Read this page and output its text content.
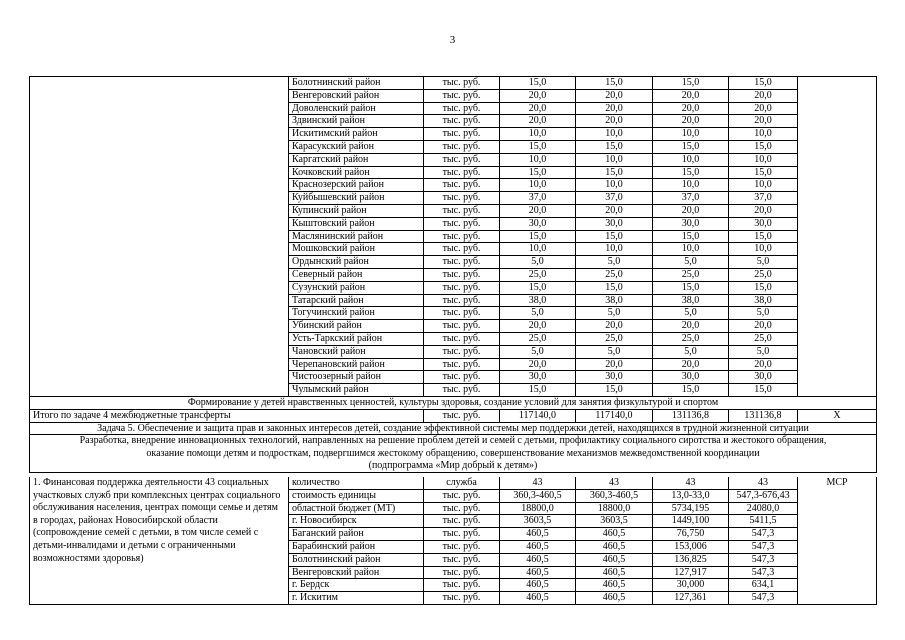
3
	Болотнинский район	тыс. руб.	15,0	15,0	15,0	15,0	
	Венгеровский район	тыс. руб.	20,0	20,0	20,0	20,0	
	Доволенский район	тыс. руб.	20,0	20,0	20,0	20,0	
	Здвинский район	тыс. руб.	20,0	20,0	20,0	20,0	
	Искитимский район	тыс. руб.	10,0	10,0	10,0	10,0	
	Карасукский район	тыс. руб.	15,0	15,0	15,0	15,0	
	Каргатский район	тыс. руб.	10,0	10,0	10,0	10,0	
	Кочковский район	тыс. руб.	15,0	15,0	15,0	15,0	
	Краснозерский район	тыс. руб.	10,0	10,0	10,0	10,0	
	Куйбышевский район	тыс. руб.	37,0	37,0	37,0	37,0	
	Купинский район	тыс. руб.	20,0	20,0	20,0	20,0	
	Кыштовский район	тыс. руб.	30,0	30,0	30,0	30,0	
	Маслянинский район	тыс. руб.	15,0	15,0	15,0	15,0	
	Мошковский район	тыс. руб.	10,0	10,0	10,0	10,0	
	Ордынский район	тыс. руб.	5,0	5,0	5,0	5,0	
	Северный район	тыс. руб.	25,0	25,0	25,0	25,0	
	Сузунский район	тыс. руб.	15,0	15,0	15,0	15,0	
	Татарский район	тыс. руб.	38,0	38,0	38,0	38,0	
	Тогучинский район	тыс. руб.	5,0	5,0	5,0	5,0	
	Убинский район	тыс. руб.	20,0	20,0	20,0	20,0	
	Усть-Таркский район	тыс. руб.	25,0	25,0	25,0	25,0	
	Чановский район	тыс. руб.	5,0	5,0	5,0	5,0	
	Черепановский район	тыс. руб.	20,0	20,0	20,0	20,0	
	Чистоозерный район	тыс. руб.	30,0	30,0	30,0	30,0	
	Чулымский район	тыс. руб.	15,0	15,0	15,0	15,0	
Формирование у детей нравственных ценностей, культуры здоровья, создание условий для занятия физкультурой и спортом							
Итого по задаче 4 межбюджетные трансферты		тыс. руб.	117140,0	117140,0	131136,8	131136,8	Х
Задача 5. Обеспечение и защита прав и законных интересов детей, создание эффективной системы мер поддержки детей, находящихся в трудной жизненной ситуации							

Разработка, внедрение инновационных технологий, направленных на решение проблем детей и семей с детьми, профилактику социального сиротства и жестокого обращения,
оказание помощи детям и подросткам, подвергшимся жестокому обращению, совершенствование механизмов межведомственной координации
(подпрограмма «Мир добрый к детям»)							
1. Финансовая поддержка деятельности 43 социальных участковых служб при комплексных центрах социального обслуживания населения, центрах помощи семье и детям в городах, районах Новосибирской области (сопровождение семей с детьми, в том числе семей с детьми-инвалидами и детьми с ограниченными возможностями здоровья)	количество	служба	43	43	43	43	МСР
	стоимость единицы	тыс. руб.	360,3-460,5	360,3-460,5	13,0-33,0	547,3-676,43	
	областной бюджет (МТ)	тыс. руб.	18800,0	18800,0	5734,195	24080,0	
	г. Новосибирск	тыс. руб.	3603,5	3603,5	1449,100	5411,5	
	Баганский район	тыс. руб.	460,5	460,5	76,750	547,3	
	Барабинский район	тыс. руб.	460,5	460,5	153,006	547,3	
	Болотнинский район	тыс. руб.	460,5	460,5	136,825	547,3	
	Венгеровский район	тыс. руб.	460,5	460,5	127,917	547,3	
	г. Бердск	тыс. руб.	460,5	460,5	30,000	634,1	
	г. Искитим	тыс. руб.	460,5	460,5	127,361	547,3	
